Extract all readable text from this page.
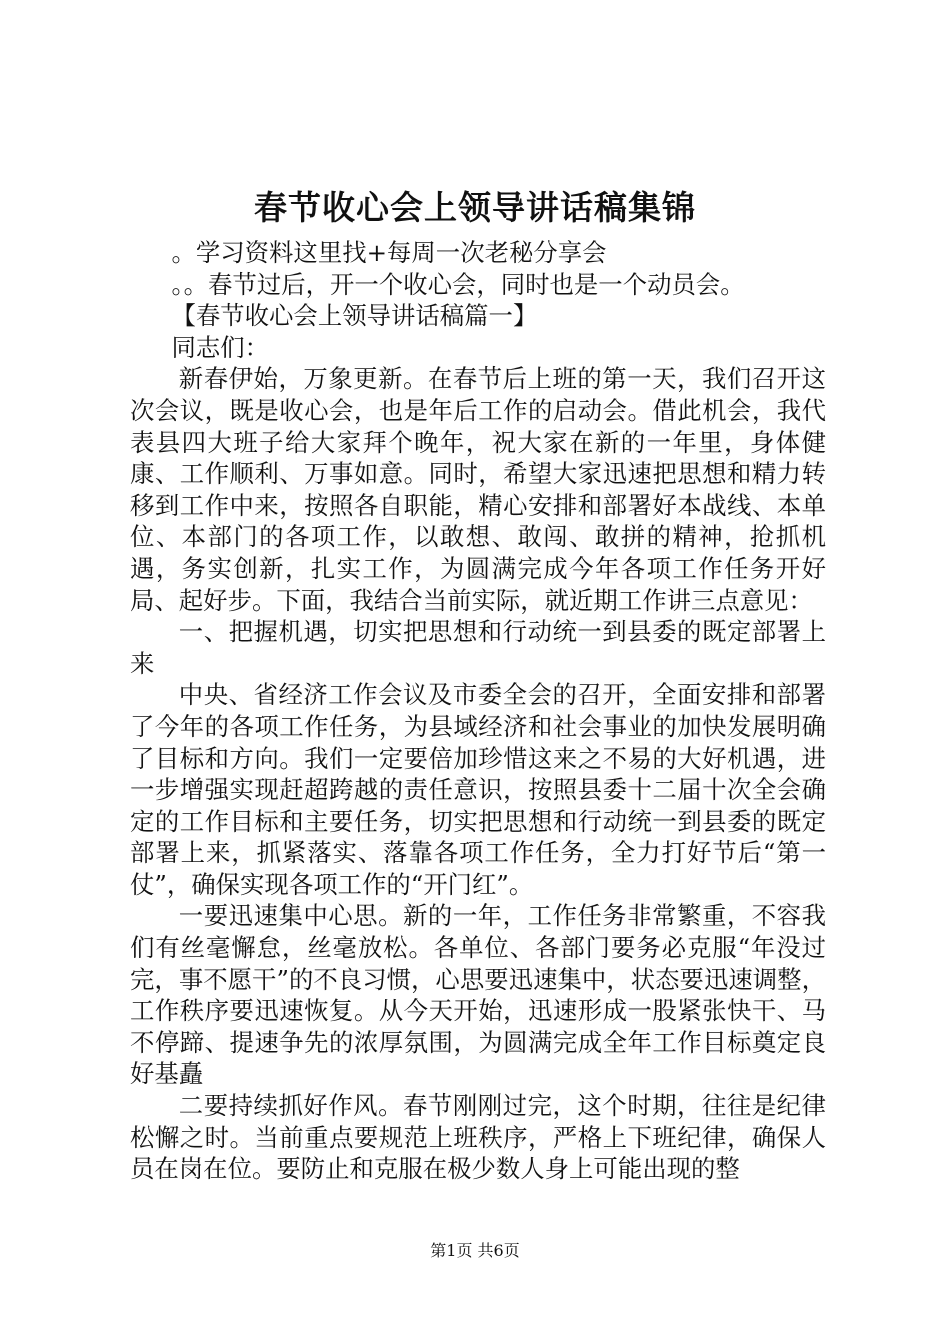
春节收心会上领导讲话稿集锦

。学习资料这里找+每周一次老秘分享会

。。春节过后，开一个收心会，同时也是一个动员会。

【春节收心会上领导讲话稿篇一】

同志们：

新春伊始，万象更新。在春节后上班的第一天，我们召开这次会议，既是收心会，也是年后工作的启动会。借此机会，我代表县四大班子给大家拜个晚年，祝大家在新的一年里，身体健康、工作顺利、万事如意。同时，希望大家迅速把思想和精力转移到工作中来，按照各自职能，精心安排和部署好本战线、本单位、本部门的各项工作，以敢想、敢闯、敢拼的精神，抢抓机遇，务实创新，扎实工作，为圆满完成今年各项工作任务开好局、起好步。下面，我结合当前实际，就近期工作讲三点意见：

一、把握机遇，切实把思想和行动统一到县委的既定部署上来

中央、省经济工作会议及市委全会的召开，全面安排和部署了今年的各项工作任务，为县域经济和社会事业的加快发展明确了目标和方向。我们一定要倍加珍惜这来之不易的大好机遇，进一步增强实现赶超跨越的责任意识，按照县委十二届十次全会确定的工作目标和主要任务，切实把思想和行动统一到县委的既定部署上来，抓紧落实、落靠各项工作任务，全力打好节后“第一仗”，确保实现各项工作的“开门红”。

一要迅速集中心思。新的一年，工作任务非常繁重，不容我们有丝毫懈怠，丝毫放松。各单位、各部门要务必克服“年没过完，事不愿干”的不良习惯，心思要迅速集中，状态要迅速调整，工作秩序要迅速恢复。从今天开始，迅速形成一股紧张快干、马不停蹄、提速争先的浓厚氛围，为圆满完成全年工作目标奠定良好基矗

二要持续抓好作风。春节刚刚过完，这个时期，往往是纪律松懈之时。当前重点要规范上班秩序，严格上下班纪律，确保人员在岗在位。要防止和克服在极少数人身上可能出现的整

第1页 共6页
